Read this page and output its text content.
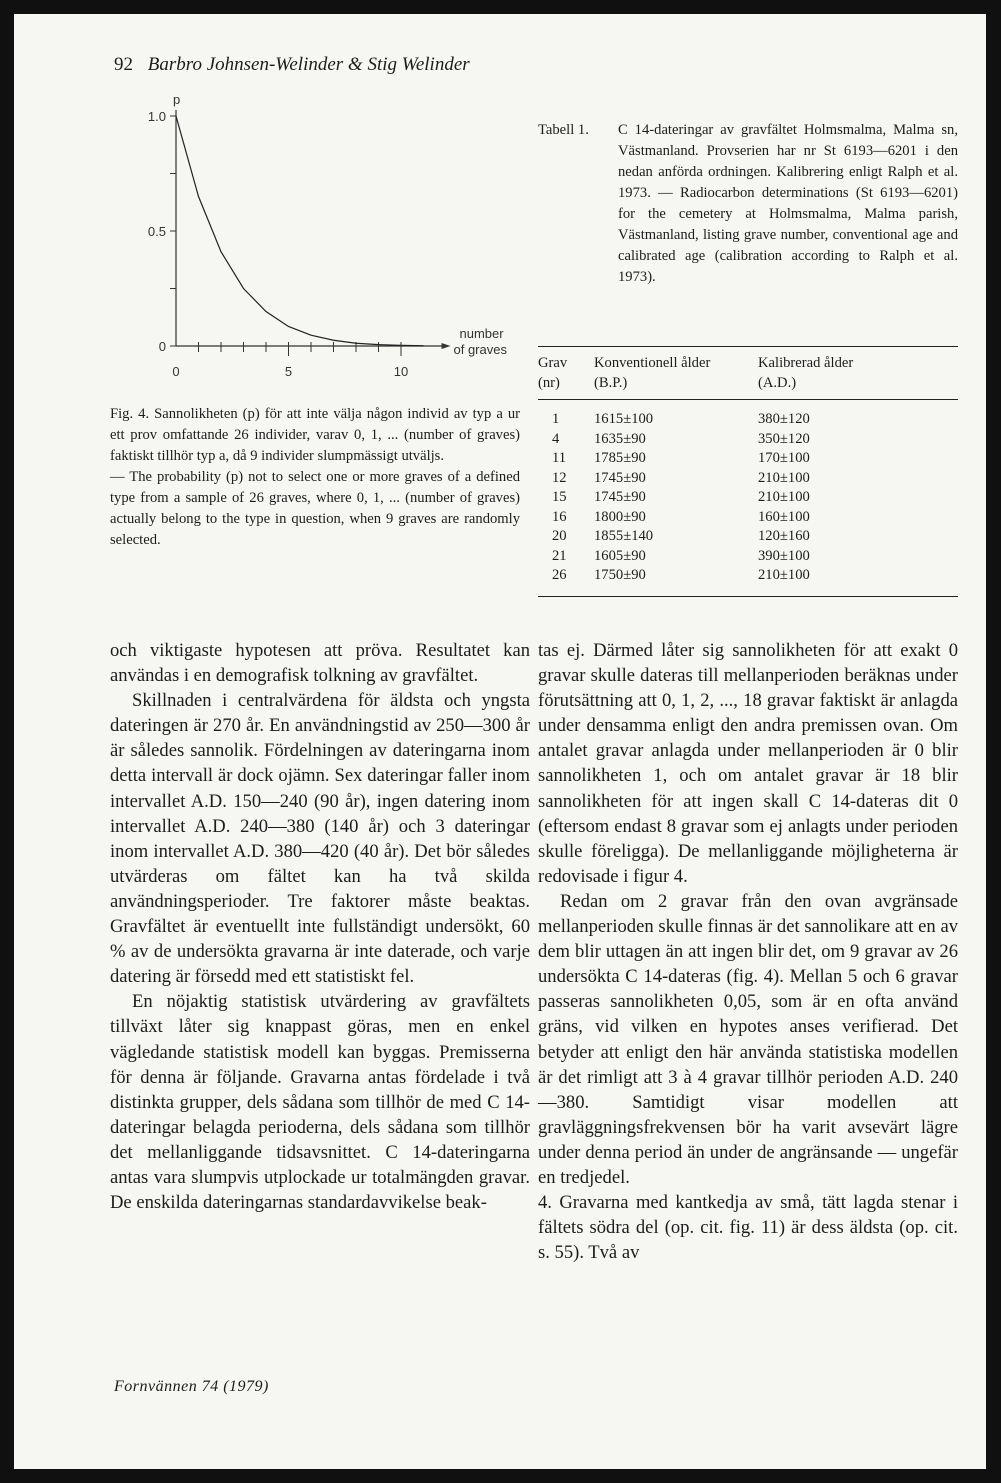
92 Barbro Johnsen-Welinder & Stig Welinder
1.0
0.5
0
0	5	10
p
number
of graves

Fig. 4. Sannolikheten (p) för att inte välja någon individ av typ a ur ett prov omfattande 26 individer, varav 0, 1, ... (number of graves) faktiskt tillhör typ a, då 9 individer slumpmässigt utväljs.

— The probability (p) not to select one or more graves of a defined type from a sample of 26 graves, where 0, 1, ... (number of graves) actually belong to the type in question, when 9 graves are randomly selected.

Tabell 1.	C 14-dateringar av gravfältet Holmsmalma, Malma sn, Västmanland. Provserien har nr St 6193—6201 i den nedan anförda ordningen. Kalibrering enligt Ralph et al. 1973. — Radiocarbon determinations (St 6193—6201) for the cemetery at Holmsmalma, Malma parish, Västmanland, listing grave number, conventional age and calibrated age (calibration according to Ralph et al. 1973).

Grav	Konventionell ålder	Kalibrerad ålder
(nr)	(B.P.)	(A.D.)
1	1615±100	380±120
4	1635±90	350±120
11	1785±90	170±100
12	1745±90	210±100
15	1745±90	210±100
16	1800±90	160±100
20	1855±140	120±160
21	1605±90	390±100
26	1750±90	210±100

och viktigaste hypotesen att pröva. Resultatet kan användas i en demografisk tolkning av gravfältet.

Skillnaden i centralvärdena för äldsta och yngsta dateringen är 270 år. En användningstid av 250—300 år är således sannolik. Fördelningen av dateringarna inom detta intervall är dock ojämn. Sex dateringar faller inom intervallet A.D. 150—240 (90 år), ingen datering inom intervallet A.D. 240—380 (140 år) och 3 dateringar inom intervallet A.D. 380—420 (40 år). Det bör således utvärderas om fältet kan ha två skilda användningsperioder. Tre faktorer måste beaktas. Gravfältet är eventuellt inte fullständigt undersökt, 60 % av de undersökta gravarna är inte daterade, och varje datering är försedd med ett statistiskt fel.

En nöjaktig statistisk utvärdering av gravfältets tillväxt låter sig knappast göras, men en enkel vägledande statistisk modell kan byggas. Premisserna för denna är följande. Gravarna antas fördelade i två distinkta grupper, dels sådana som tillhör de med C 14-dateringar belagda perioderna, dels sådana som tillhör det mellanliggande tidsavsnittet. C 14-dateringarna antas vara slumpvis utplockade ur totalmängden gravar. De enskilda dateringarnas standardavvikelse beak-

tas ej. Därmed låter sig sannolikheten för att exakt 0 gravar skulle dateras till mellanperioden beräknas under förutsättning att 0, 1, 2, ..., 18 gravar faktiskt är anlagda under densamma enligt den andra premissen ovan. Om antalet gravar anlagda under mellanperioden är 0 blir sannolikheten 1, och om antalet gravar är 18 blir sannolikheten för att ingen skall C 14-dateras dit 0 (eftersom endast 8 gravar som ej anlagts under perioden skulle föreligga). De mellanliggande möjligheterna är redovisade i figur 4.

Redan om 2 gravar från den ovan avgränsade mellanperioden skulle finnas är det sannolikare att en av dem blir uttagen än att ingen blir det, om 9 gravar av 26 undersökta C 14-dateras (fig. 4). Mellan 5 och 6 gravar passeras sannolikheten 0,05, som är en ofta använd gräns, vid vilken en hypotes anses verifierad. Det betyder att enligt den här använda statistiska modellen är det rimligt att 3 à 4 gravar tillhör perioden A.D. 240—380. Samtidigt visar modellen att gravläggningsfrekvensen bör ha varit avsevärt lägre under denna period än under de angränsande — ungefär en tredjedel.

4. Gravarna med kantkedja av små, tätt lagda stenar i fältets södra del (op. cit. fig. 11) är dess äldsta (op. cit. s. 55). Två av

Fornvännen 74 (1979)
